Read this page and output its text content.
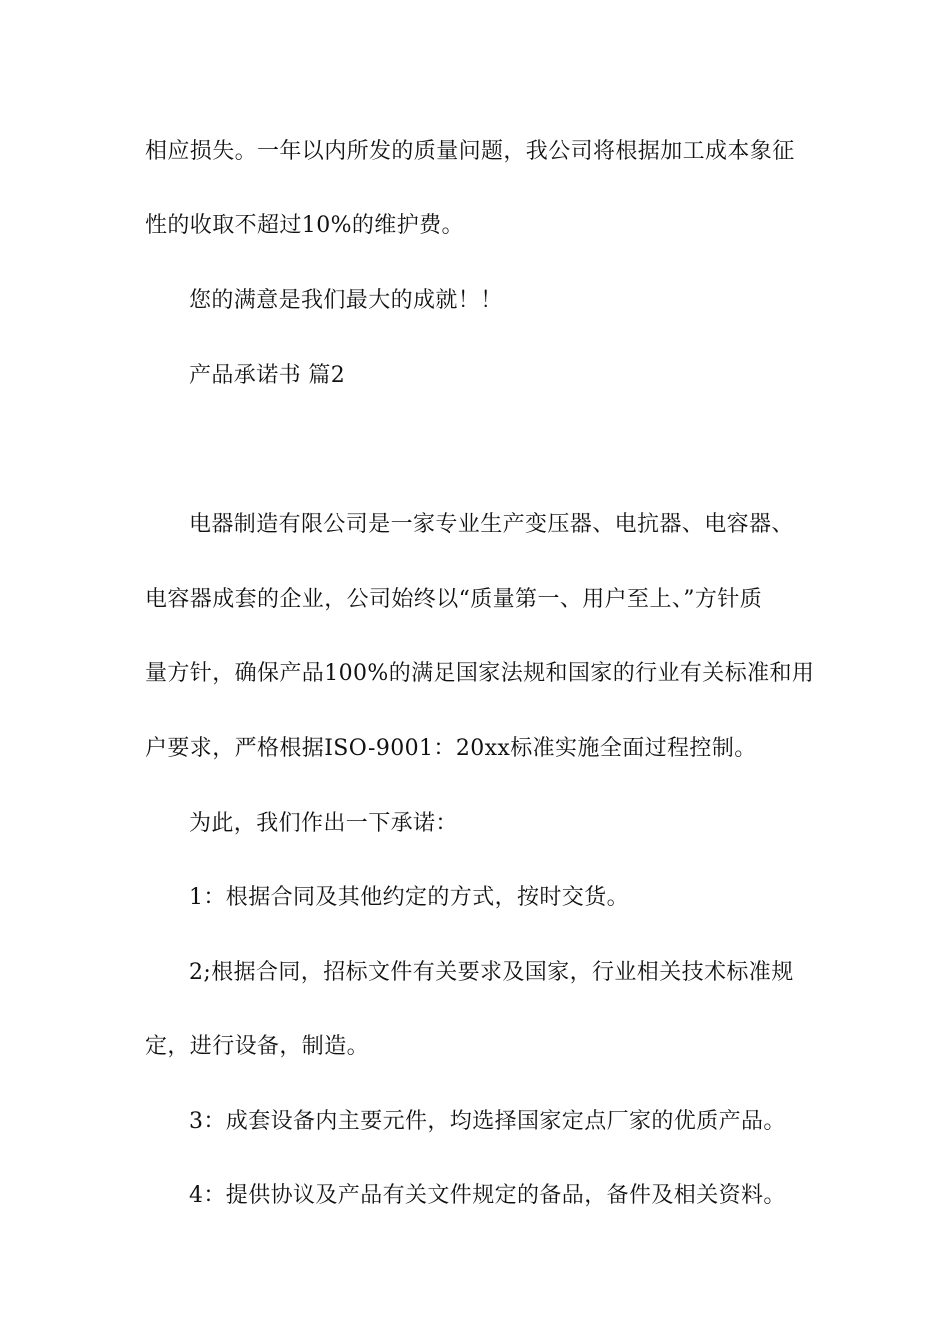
相应损失。一年以内所发的质量问题，我公司将根据加工成本象征
性的收取不超过10%的维护费。
您的满意是我们最大的成就！！
产品承诺书 篇2
电器制造有限公司是一家专业生产变压器、电抗器、电容器、
电容器成套的企业，公司始终以“质量第一、用户至上、”方针质
量方针，确保产品100%的满足国家法规和国家的行业有关标准和用
户要求，严格根据ISO-9001：20xx标准实施全面过程控制。
为此，我们作出一下承诺：
1：根据合同及其他约定的方式，按时交货。
2;根据合同，招标文件有关要求及国家，行业相关技术标准规
定，进行设备，制造。
3：成套设备内主要元件，均选择国家定点厂家的优质产品。
4：提供协议及产品有关文件规定的备品，备件及相关资料。
